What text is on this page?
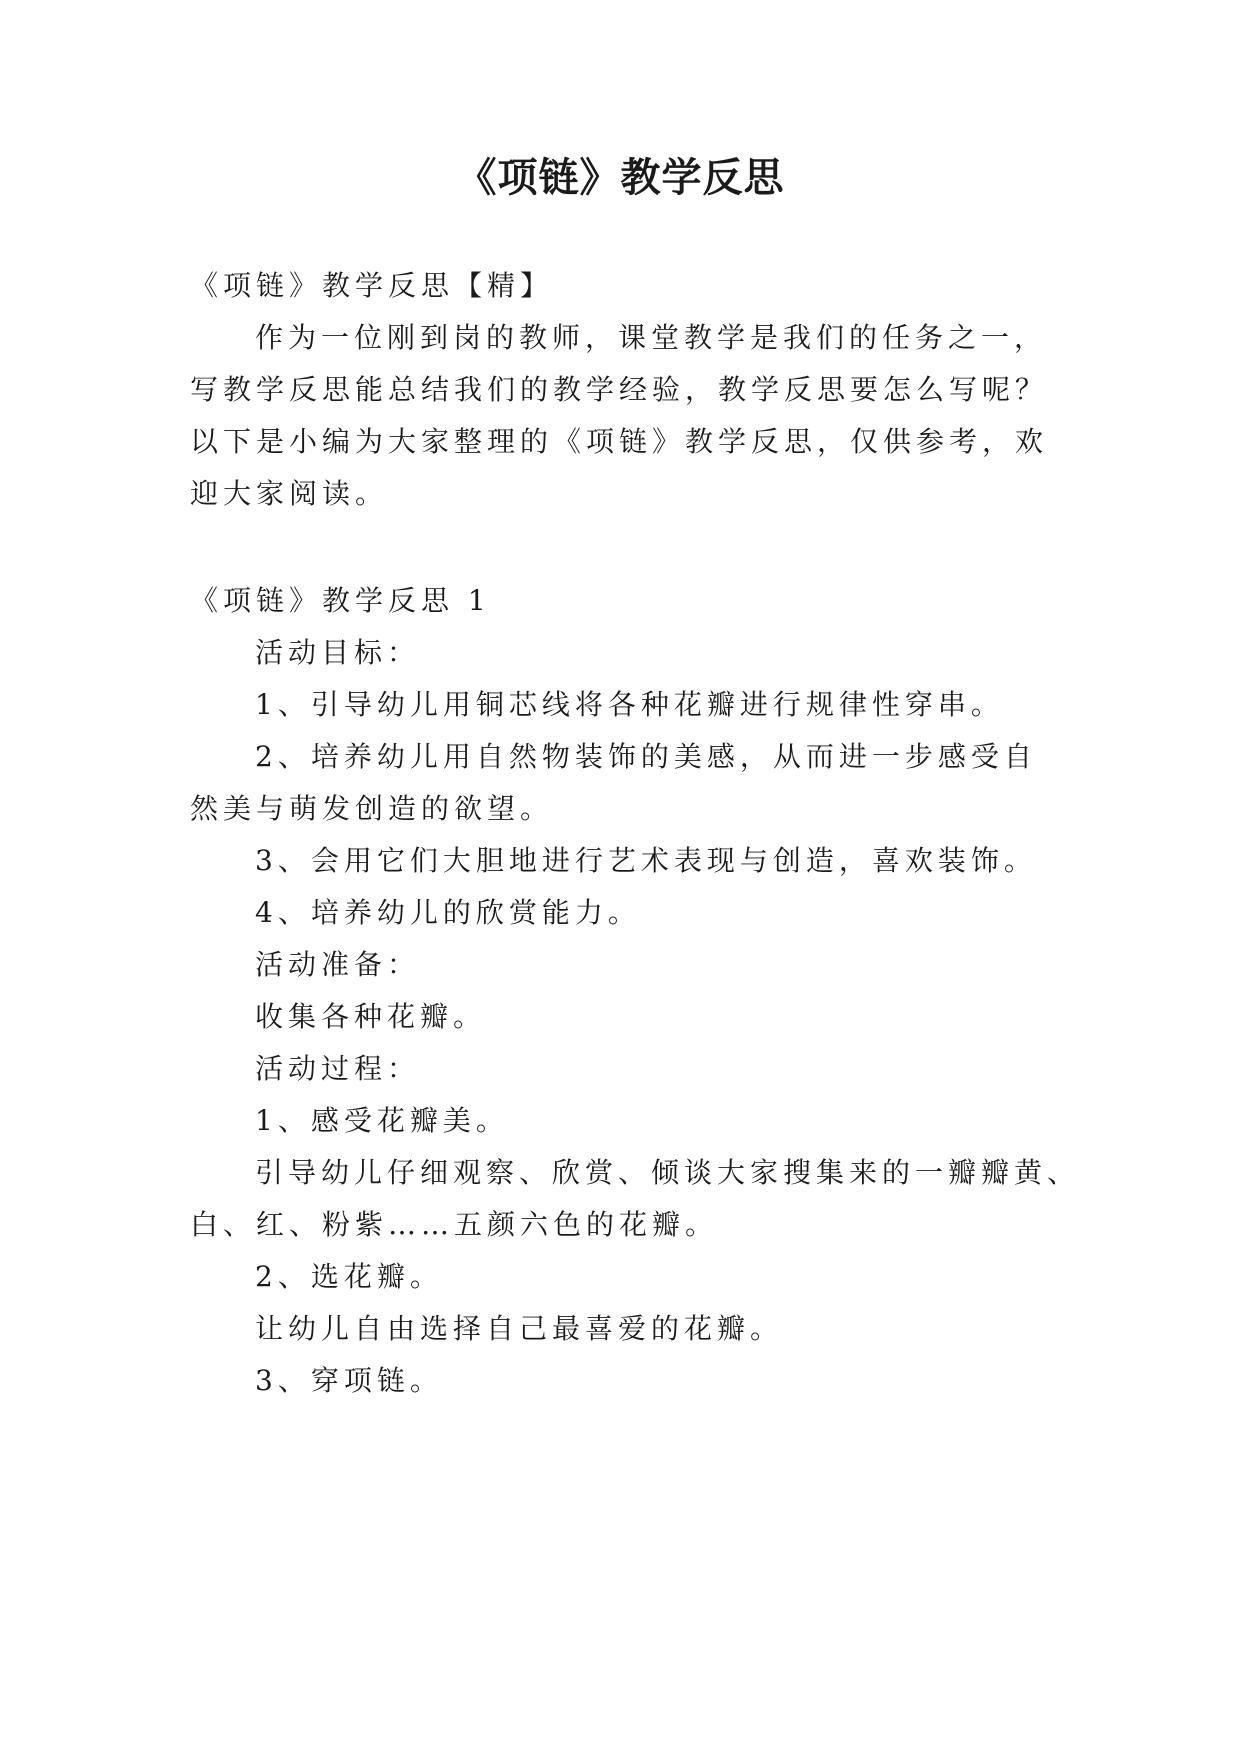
《项链》教学反思
《项链》教学反思【精】
作为一位刚到岗的教师，课堂教学是我们的任务之一，
写教学反思能总结我们的教学经验，教学反思要怎么写呢？
以下是小编为大家整理的《项链》教学反思，仅供参考，欢
迎大家阅读。
《项链》教学反思 1
活动目标：
1、引导幼儿用铜芯线将各种花瓣进行规律性穿串。
2、培养幼儿用自然物装饰的美感，从而进一步感受自
然美与萌发创造的欲望。
3、会用它们大胆地进行艺术表现与创造，喜欢装饰。
4、培养幼儿的欣赏能力。
活动准备：
收集各种花瓣。
活动过程：
1、感受花瓣美。
引导幼儿仔细观察、欣赏、倾谈大家搜集来的一瓣瓣黄、
白、红、粉紫……五颜六色的花瓣。
2、选花瓣。
让幼儿自由选择自己最喜爱的花瓣。
3、穿项链。
